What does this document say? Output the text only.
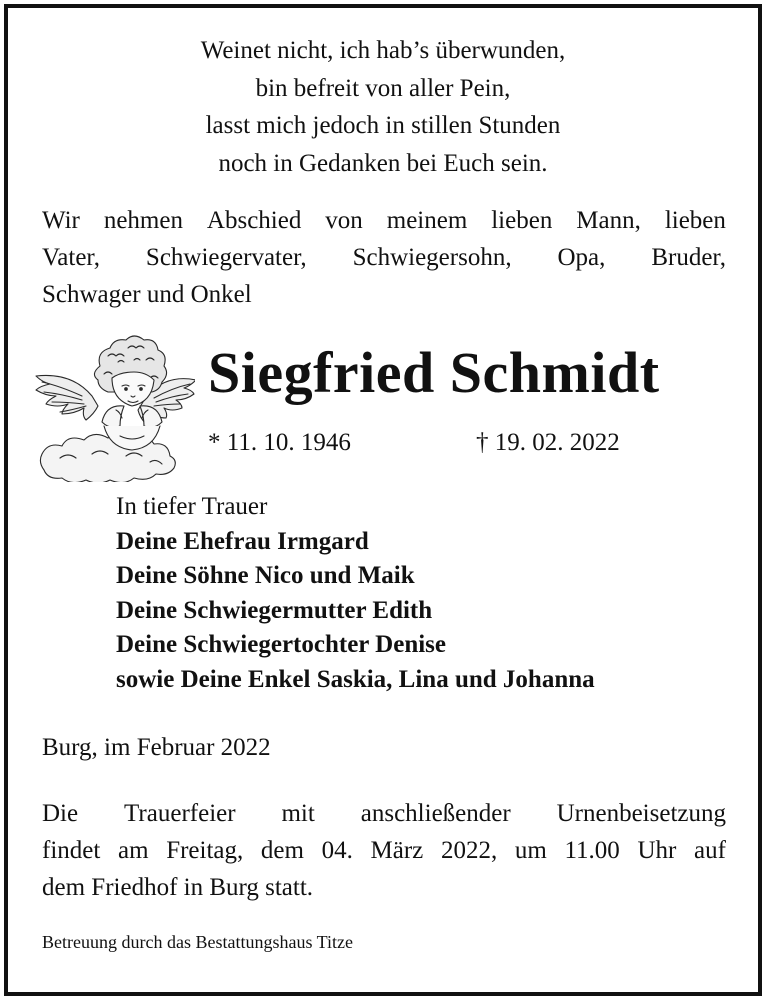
Weinet nicht, ich hab’s überwunden,
bin befreit von aller Pein,
lasst mich jedoch in stillen Stunden
noch in Gedanken bei Euch sein.
Wir nehmen Abschied von meinem lieben Mann, lieben
Vater, Schwiegervater, Schwiegersohn, Opa, Bruder,
Schwager und Onkel
Siegfried Schmidt
* 11. 10. 1946	† 19. 02. 2022
In tiefer Trauer
Deine Ehefrau Irmgard
Deine Söhne Nico und Maik
Deine Schwiegermutter Edith
Deine Schwiegertochter Denise
sowie Deine Enkel Saskia, Lina und Johanna
Burg, im Februar 2022
Die Trauerfeier mit anschließender Urnenbeisetzung
findet am Freitag, dem 04. März 2022, um 11.00 Uhr auf
dem Friedhof in Burg statt.
Betreuung durch das Bestattungshaus Titze
